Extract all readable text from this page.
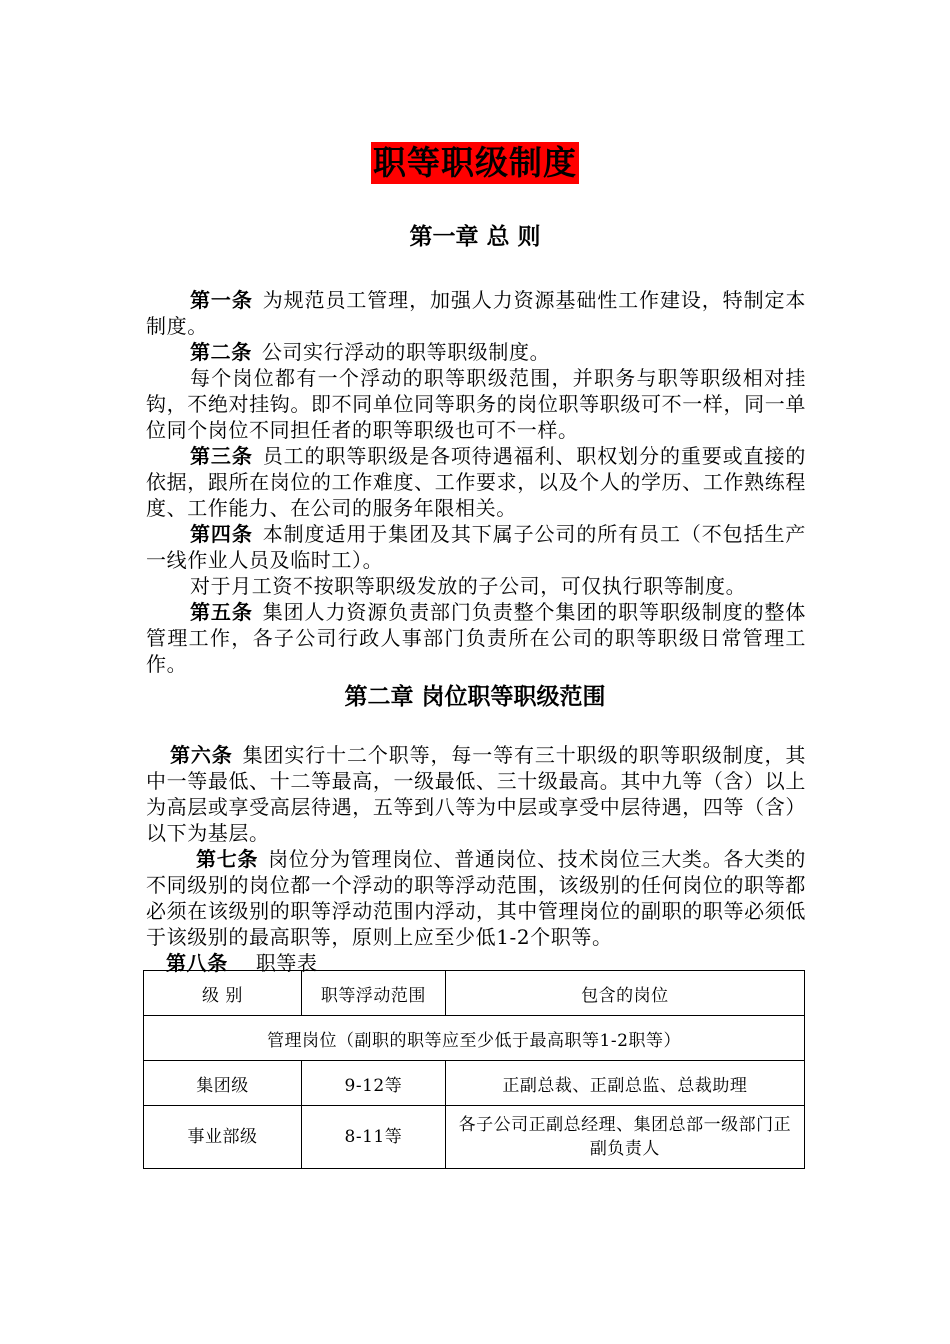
职等职级制度
第一章 总 则

第一条 为规范员工管理，加强人力资源基础性工作建设，特制定本制度。

第二条 公司实行浮动的职等职级制度。

每个岗位都有一个浮动的职等职级范围，并职务与职等职级相对挂钩，不绝对挂钩。即不同单位同等职务的岗位职等职级可不一样，同一单位同个岗位不同担任者的职等职级也可不一样。

第三条 员工的职等职级是各项待遇福利、职权划分的重要或直接的依据，跟所在岗位的工作难度、工作要求，以及个人的学历、工作熟练程度、工作能力、在公司的服务年限相关。

第四条 本制度适用于集团及其下属子公司的所有员工（不包括生产一线作业人员及临时工）。

对于月工资不按职等职级发放的子公司，可仅执行职等制度。

第五条 集团人力资源负责部门负责整个集团的职等职级制度的整体管理工作，各子公司行政人事部门负责所在公司的职等职级日常管理工作。

第二章 岗位职等职级范围

第六条 集团实行十二个职等，每一等有三十职级的职等职级制度，其中一等最低、十二等最高，一级最低、三十级最高。其中九等（含）以上为高层或享受高层待遇，五等到八等为中层或享受中层待遇，四等（含）以下为基层。

第七条 岗位分为管理岗位、普通岗位、技术岗位三大类。各大类的不同级别的岗位都一个浮动的职等浮动范围，该级别的任何岗位的职等都必须在该级别的职等浮动范围内浮动，其中管理岗位的副职的职等必须低于该级别的最高职等，原则上应至少低1-2个职等。

第八条 职等表

级 别	职等浮动范围	包含的岗位
管理岗位（副职的职等应至少低于最高职等1-2职等）		
集团级	9-12等	正副总裁、正副总监、总裁助理
事业部级	8-11等	各子公司正副总经理、集团总部一级部门正副负责人
